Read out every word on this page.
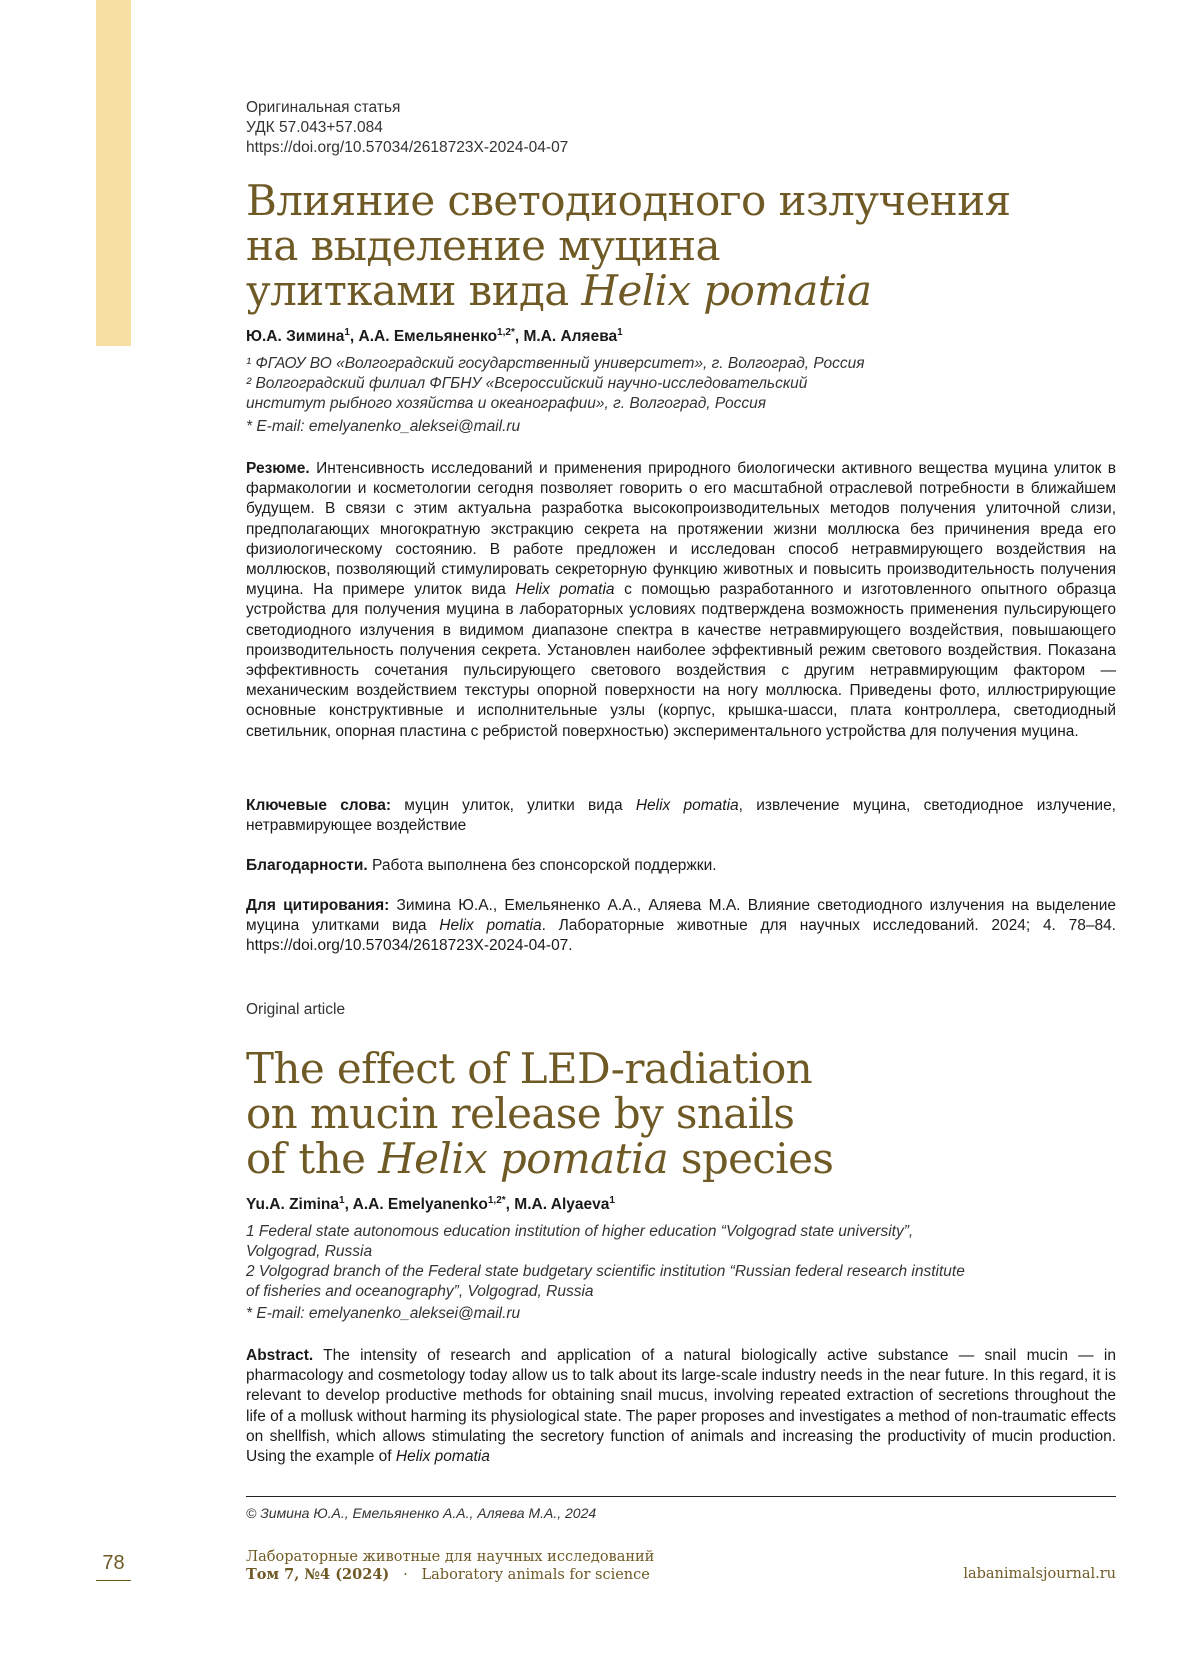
Оригинальная статья
УДК 57.043+57.084
https://doi.org/10.57034/2618723X-2024-04-07
Влияние светодиодного излучения
на выделение муцина
улитками вида Helix pomatia
Ю.А. Зимина$^1$, А.А. Емельяненко$^{1,2*}$, М.А. Аляева$^1$
¹ ФГАОУ ВО «Волгоградский государственный университет», г. Волгоград, Россия
² Волгоградский филиал ФГБНУ «Всероссийский научно-исследовательский
институт рыбного хозяйства и океанографии», г. Волгоград, Россия
* E-mail: emelyanenko_aleksei@mail.ru

Резюме. Интенсивность исследований и применения природного биологически активного вещества муцина улиток в фармакологии и косметологии сегодня позволяет говорить о его масштабной отраслевой потребности в ближайшем будущем. В связи с этим актуальна разработка высокопроизводительных методов получения улиточной слизи, предполагающих многократную экстракцию секрета на протяжении жизни моллюска без причинения вреда его физиологическому состоянию. В работе предложен и исследован способ нетравмирующего воздействия на моллюсков, позволяющий стимулировать секреторную функцию животных и повысить производительность получения муцина. На примере улиток вида Helix pomatia с помощью разработанного и изготовленного опытного образца устройства для получения муцина в лабораторных условиях подтверждена возможность применения пульсирующего светодиодного излучения в видимом диапазоне спектра в качестве нетравмирующего воздействия, повышающего производительность получения секрета. Установлен наиболее эффективный режим светового воздействия. Показана эффективность сочетания пульсирующего светового воздействия с другим нетравмирующим фактором — механическим воздействием текстуры опорной поверхности на ногу моллюска. Приведены фото, иллюстрирующие основные конструктивные и исполнительные узлы (корпус, крышка-шасси, плата контроллера, светодиодный светильник, опорная пластина с ребристой поверхностью) экспериментального устройства для получения муцина.

Ключевые слова: муцин улиток, улитки вида Helix pomatia, извлечение муцина, светодиодное излучение, нетравмирующее воздействие

Благодарности. Работа выполнена без спонсорской поддержки.

Для цитирования: Зимина Ю.А., Емельяненко А.А., Аляева М.А. Влияние светодиодного излучения на выделение муцина улитками вида Helix pomatia. Лабораторные животные для научных исследований. 2024; 4. 78–84. https://doi.org/10.57034/2618723X-2024-04-07.

Original article
The effect of LED-radiation
on mucin release by snails
of the Helix pomatia species
Yu.A. Zimina$^1$, A.A. Emelyanenko$^{1,2*}$, M.A. Alyaeva$^1$
1 Federal state autonomous education institution of higher education “Volgograd state university”,
Volgograd, Russia
2 Volgograd branch of the Federal state budgetary scientific institution “Russian federal research institute
of fisheries and oceanography”, Volgograd, Russia
* E-mail: emelyanenko_aleksei@mail.ru

Abstract. The intensity of research and application of a natural biologically active substance — snail mucin — in pharmacology and cosmetology today allow us to talk about its large-scale industry needs in the near future. In this regard, it is relevant to develop productive methods for obtaining snail mucus, involving repeated extraction of secretions throughout the life of a mollusk without harming its physiological state. The paper proposes and investigates a method of non-traumatic effects on shellfish, which allows stimulating the secretory function of animals and increasing the productivity of mucin production. Using the example of Helix pomatia

© Зимина Ю.А., Емельяненко А.А., Аляева М.А., 2024
78	Лабораторные животные для научных исследований
Том 7, №4 (2024) · Laboratory animals for science	labanimalsjournal.ru
